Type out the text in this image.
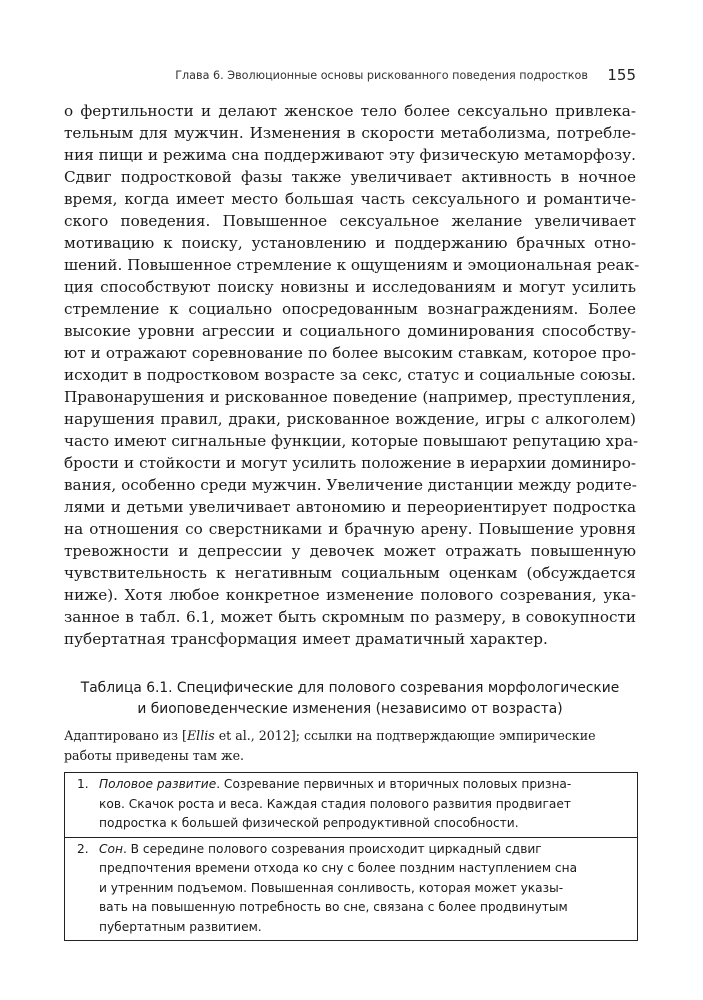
Глава 6. Эволюционные основы рискованного поведения подростков 155
о фертильности и делают женское тело более сексуально привлека-
тельным для мужчин. Изменения в скорости метаболизма, потребле-
ния пищи и режима сна поддерживают эту физическую метаморфозу.
Сдвиг подростковой фазы также увеличивает активность в ночное
время, когда имеет место большая часть сексуального и романтиче-
ского поведения. Повышенное сексуальное желание увеличивает
мотивацию к поиску, установлению и поддержанию брачных отно-
шений. Повышенное стремление к ощущениям и эмоциональная реак-
ция способствуют поиску новизны и исследованиям и могут усилить
стремление к социально опосредованным вознаграждениям. Более
высокие уровни агрессии и социального доминирования способству-
ют и отражают соревнование по более высоким ставкам, которое про-
исходит в подростковом возрасте за секс, статус и социальные союзы.
Правонарушения и рискованное поведение (например, преступления,
нарушения правил, драки, рискованное вождение, игры с алкоголем)
часто имеют сигнальные функции, которые повышают репутацию хра-
брости и стойкости и могут усилить положение в иерархии доминиро-
вания, особенно среди мужчин. Увеличение дистанции между родите-
лями и детьми увеличивает автономию и переориентирует подростка
на отношения со сверстниками и брачную арену. Повышение уровня
тревожности и депрессии у девочек может отражать повышенную
чувствительность к негативным социальным оценкам (обсуждается
ниже). Хотя любое конкретное изменение полового созревания, ука-
занное в табл. 6.1, может быть скромным по размеру, в совокупности
пубертатная трансформация имеет драматичный характер.
Таблица 6.1. Специфические для полового созревания морфологические
и биоповеденческие изменения (независимо от возраста)
Адаптировано из [Ellis et al., 2012]; ссылки на подтверждающие эмпирические
работы приведены там же.
1. Половое развитие. Созревание первичных и вторичных половых призна-
ков. Скачок роста и веса. Каждая стадия полового развития продвигает
подростка к большей физической репродуктивной способности.
2. Сон. В середине полового созревания происходит циркадный сдвиг
предпочтения времени отхода ко сну с более поздним наступлением сна
и утренним подъемом. Повышенная сонливость, которая может указы-
вать на повышенную потребность во сне, связана с более продвинутым
пубертатным развитием.
